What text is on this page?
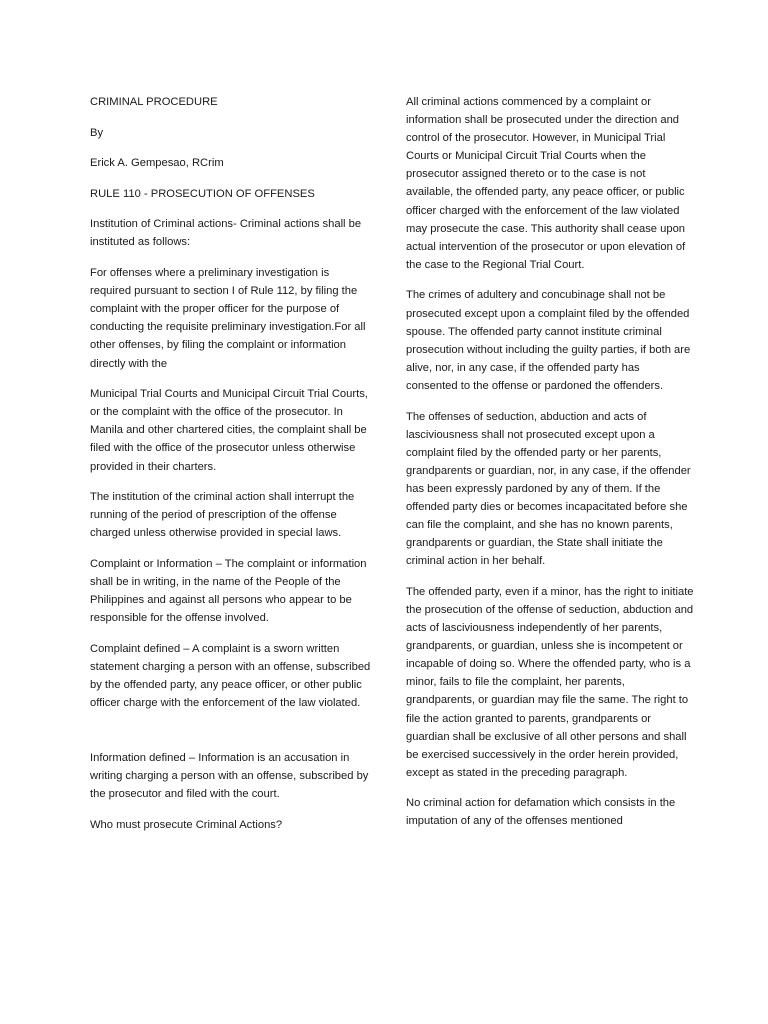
CRIMINAL PROCEDURE

By

Erick A. Gempesao, RCrim

RULE 110 - PROSECUTION OF OFFENSES

Institution of Criminal actions- Criminal actions shall be instituted as follows:

For offenses where a preliminary investigation is required pursuant to section I of Rule 112, by filing the complaint with the proper officer for the purpose of conducting the requisite preliminary investigation.For all other offenses, by filing the complaint or information directly with the

Municipal Trial Courts and Municipal Circuit Trial Courts, or the complaint with the office of the prosecutor. In Manila and other chartered cities, the complaint shall be filed with the office of the prosecutor unless otherwise provided in their charters.

The institution of the criminal action shall interrupt the running of the period of prescription of the offense charged unless otherwise provided in special laws.

Complaint or Information – The complaint or information shall be in writing, in the name of the People of the Philippines and against all persons who appear to be responsible for the offense involved.

Complaint defined – A complaint is a sworn written statement charging a person with an offense, subscribed by the offended party, any peace officer, or other public officer charge with the enforcement of the law violated.

Information defined – Information is an accusation in writing charging a person with an offense, subscribed by the prosecutor and filed with the court.

Who must prosecute Criminal Actions?

All criminal actions commenced by a complaint or information shall be prosecuted under the direction and control of the prosecutor. However, in Municipal Trial Courts or Municipal Circuit Trial Courts when the prosecutor assigned thereto or to the case is not available, the offended party, any peace officer, or public officer charged with the enforcement of the law violated may prosecute the case. This authority shall cease upon actual intervention of the prosecutor or upon elevation of the case to the Regional Trial Court.

The crimes of adultery and concubinage shall not be prosecuted except upon a complaint filed by the offended spouse. The offended party cannot institute criminal prosecution without including the guilty parties, if both are alive, nor, in any case, if the offended party has consented to the offense or pardoned the offenders.

The offenses of seduction, abduction and acts of lasciviousness shall not prosecuted except upon a complaint filed by the offended party or her parents, grandparents or guardian, nor, in any case, if the offender has been expressly pardoned by any of them. If the offended party dies or becomes incapacitated before she can file the complaint, and she has no known parents, grandparents or guardian, the State shall initiate the criminal action in her behalf.

The offended party, even if a minor, has the right to initiate the prosecution of the offense of seduction, abduction and acts of lasciviousness independently of her parents, grandparents, or guardian, unless she is incompetent or incapable of doing so. Where the offended party, who is a minor, fails to file the complaint, her parents, grandparents, or guardian may file the same. The right to file the action granted to parents, grandparents or guardian shall be exclusive of all other persons and shall be exercised successively in the order herein provided, except as stated in the preceding paragraph.

No criminal action for defamation which consists in the imputation of any of the offenses mentioned
